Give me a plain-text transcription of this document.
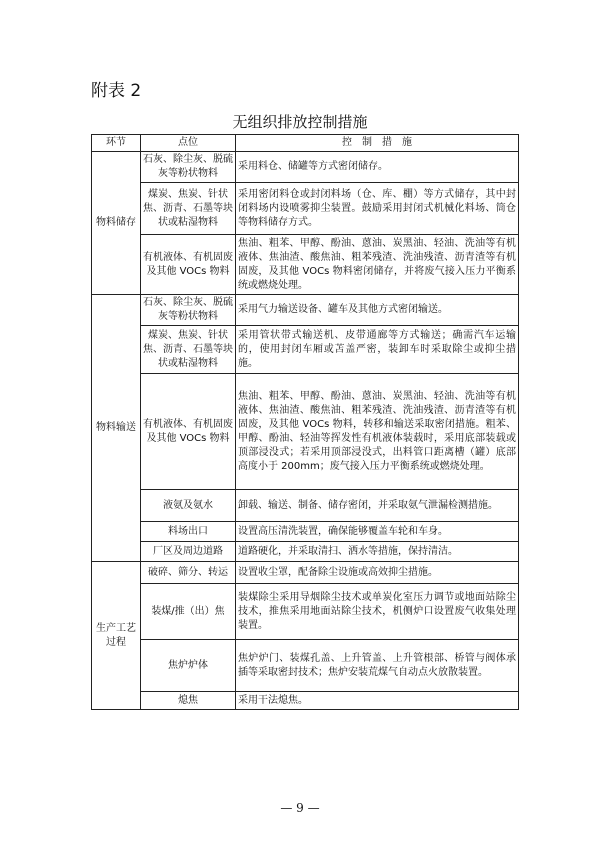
附表 2
无组织排放控制措施
环节	点位	控　制　措　施
物料储存	石灰、除尘灰、脱硫灰等粉状物料	采用料仓、储罐等方式密闭储存。
	煤炭、焦炭、针状焦、沥青、石墨等块状或粘湿物料	采用密闭料仓或封闭料场（仓、库、棚）等方式储存，其中封闭料场内设喷雾抑尘装置。鼓励采用封闭式机械化料场、筒仓等物料储存方式。
	有机液体、有机固废及其他 VOCs 物料	焦油、粗苯、甲醇、酚油、蒽油、炭黑油、轻油、洗油等有机液体、焦油渣、酸焦油、粗苯残渣、洗油残渣、沥青渣等有机固废，及其他 VOCs 物料密闭储存，并将废气接入压力平衡系统或燃烧处理。
物料输送	石灰、除尘灰、脱硫灰等粉状物料	采用气力输送设备、罐车及其他方式密闭输送。
	煤炭、焦炭、针状焦、沥青、石墨等块状或粘湿物料	采用管状带式输送机、皮带通廊等方式输送；确需汽车运输的，使用封闭车厢或苫盖严密，装卸车时采取除尘或抑尘措施。
	有机液体、有机固废及其他 VOCs 物料	焦油、粗苯、甲醇、酚油、蒽油、炭黑油、轻油、洗油等有机液体、焦油渣、酸焦油、粗苯残渣、洗油残渣、沥青渣等有机固废，及其他 VOCs 物料，转移和输送采取密闭措施。粗苯、甲醇、酚油、轻油等挥发性有机液体装载时，采用底部装载或顶部浸没式；若采用顶部浸没式，出料管口距离槽（罐）底部高度小于 200mm；废气接入压力平衡系统或燃烧处理。
	液氨及氨水	卸载、输送、制备、储存密闭，并采取氨气泄漏检测措施。
	料场出口	设置高压清洗装置，确保能够覆盖车轮和车身。
	厂区及周边道路	道路硬化，并采取清扫、洒水等措施，保持清洁。
生产工艺过程	破碎、筛分、转运	设置收尘罩，配备除尘设施或高效抑尘措施。
	装煤/推（出）焦	装煤除尘采用导烟除尘技术或单炭化室压力调节或地面站除尘技术，推焦采用地面站除尘技术，机侧炉口设置废气收集处理装置。
	焦炉炉体	焦炉炉门、装煤孔盖、上升管盖、上升管根部、桥管与阀体承插等采取密封技术；焦炉安装荒煤气自动点火放散装置。
	熄焦	采用干法熄焦。
— 9 —
